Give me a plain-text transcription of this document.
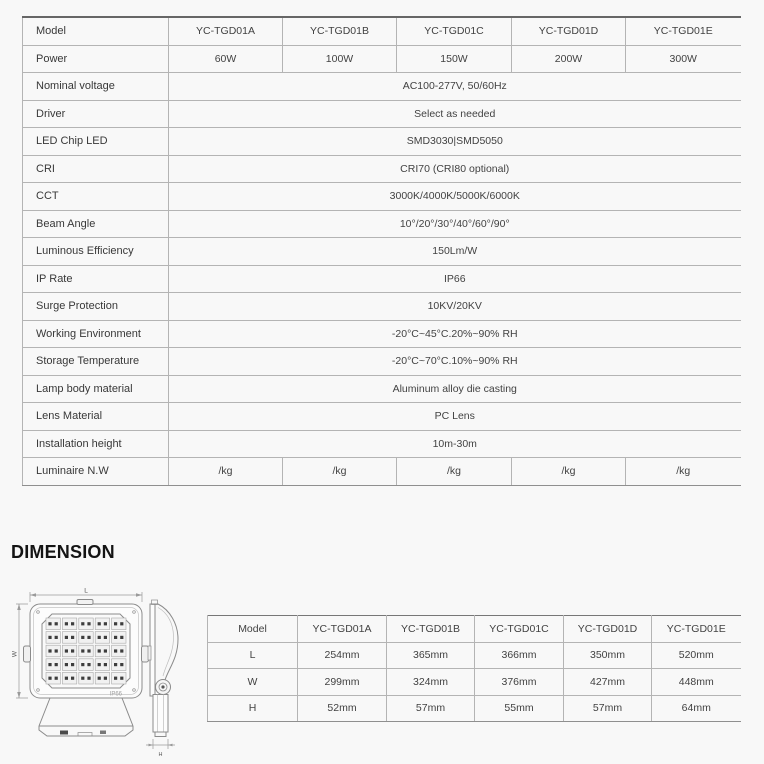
Model	YC-TGD01A	YC-TGD01B	YC-TGD01C	YC-TGD01D	YC-TGD01E
Power	60W	100W	150W	200W	300W
Nominal voltage	AC100-277V, 50/60Hz				
Driver	Select as needed				
LED Chip LED	SMD3030|SMD5050				
CRI	CRI70 (CRI80 optional)				
CCT	3000K/4000K/5000K/6000K				
Beam Angle	10°/20°/30°/40°/60°/90°				
Luminous Efficiency	150Lm/W				
IP Rate	IP66				
Surge Protection	10KV/20KV				
Working Environment	-20°C~45°C.20%~90% RH				
Storage Temperature	-20°C~70°C.10%~90% RH				
Lamp body material	Aluminum alloy die casting				
Lens Material	PC Lens				
Installation height	10m-30m				
Luminaire N.W	/kg	/kg	/kg	/kg	/kg
DIMENSION
L
W
IP66
H
Model	YC-TGD01A	YC-TGD01B	YC-TGD01C	YC-TGD01D	YC-TGD01E
L	254mm	365mm	366mm	350mm	520mm
W	299mm	324mm	376mm	427mm	448mm
H	52mm	57mm	55mm	57mm	64mm
